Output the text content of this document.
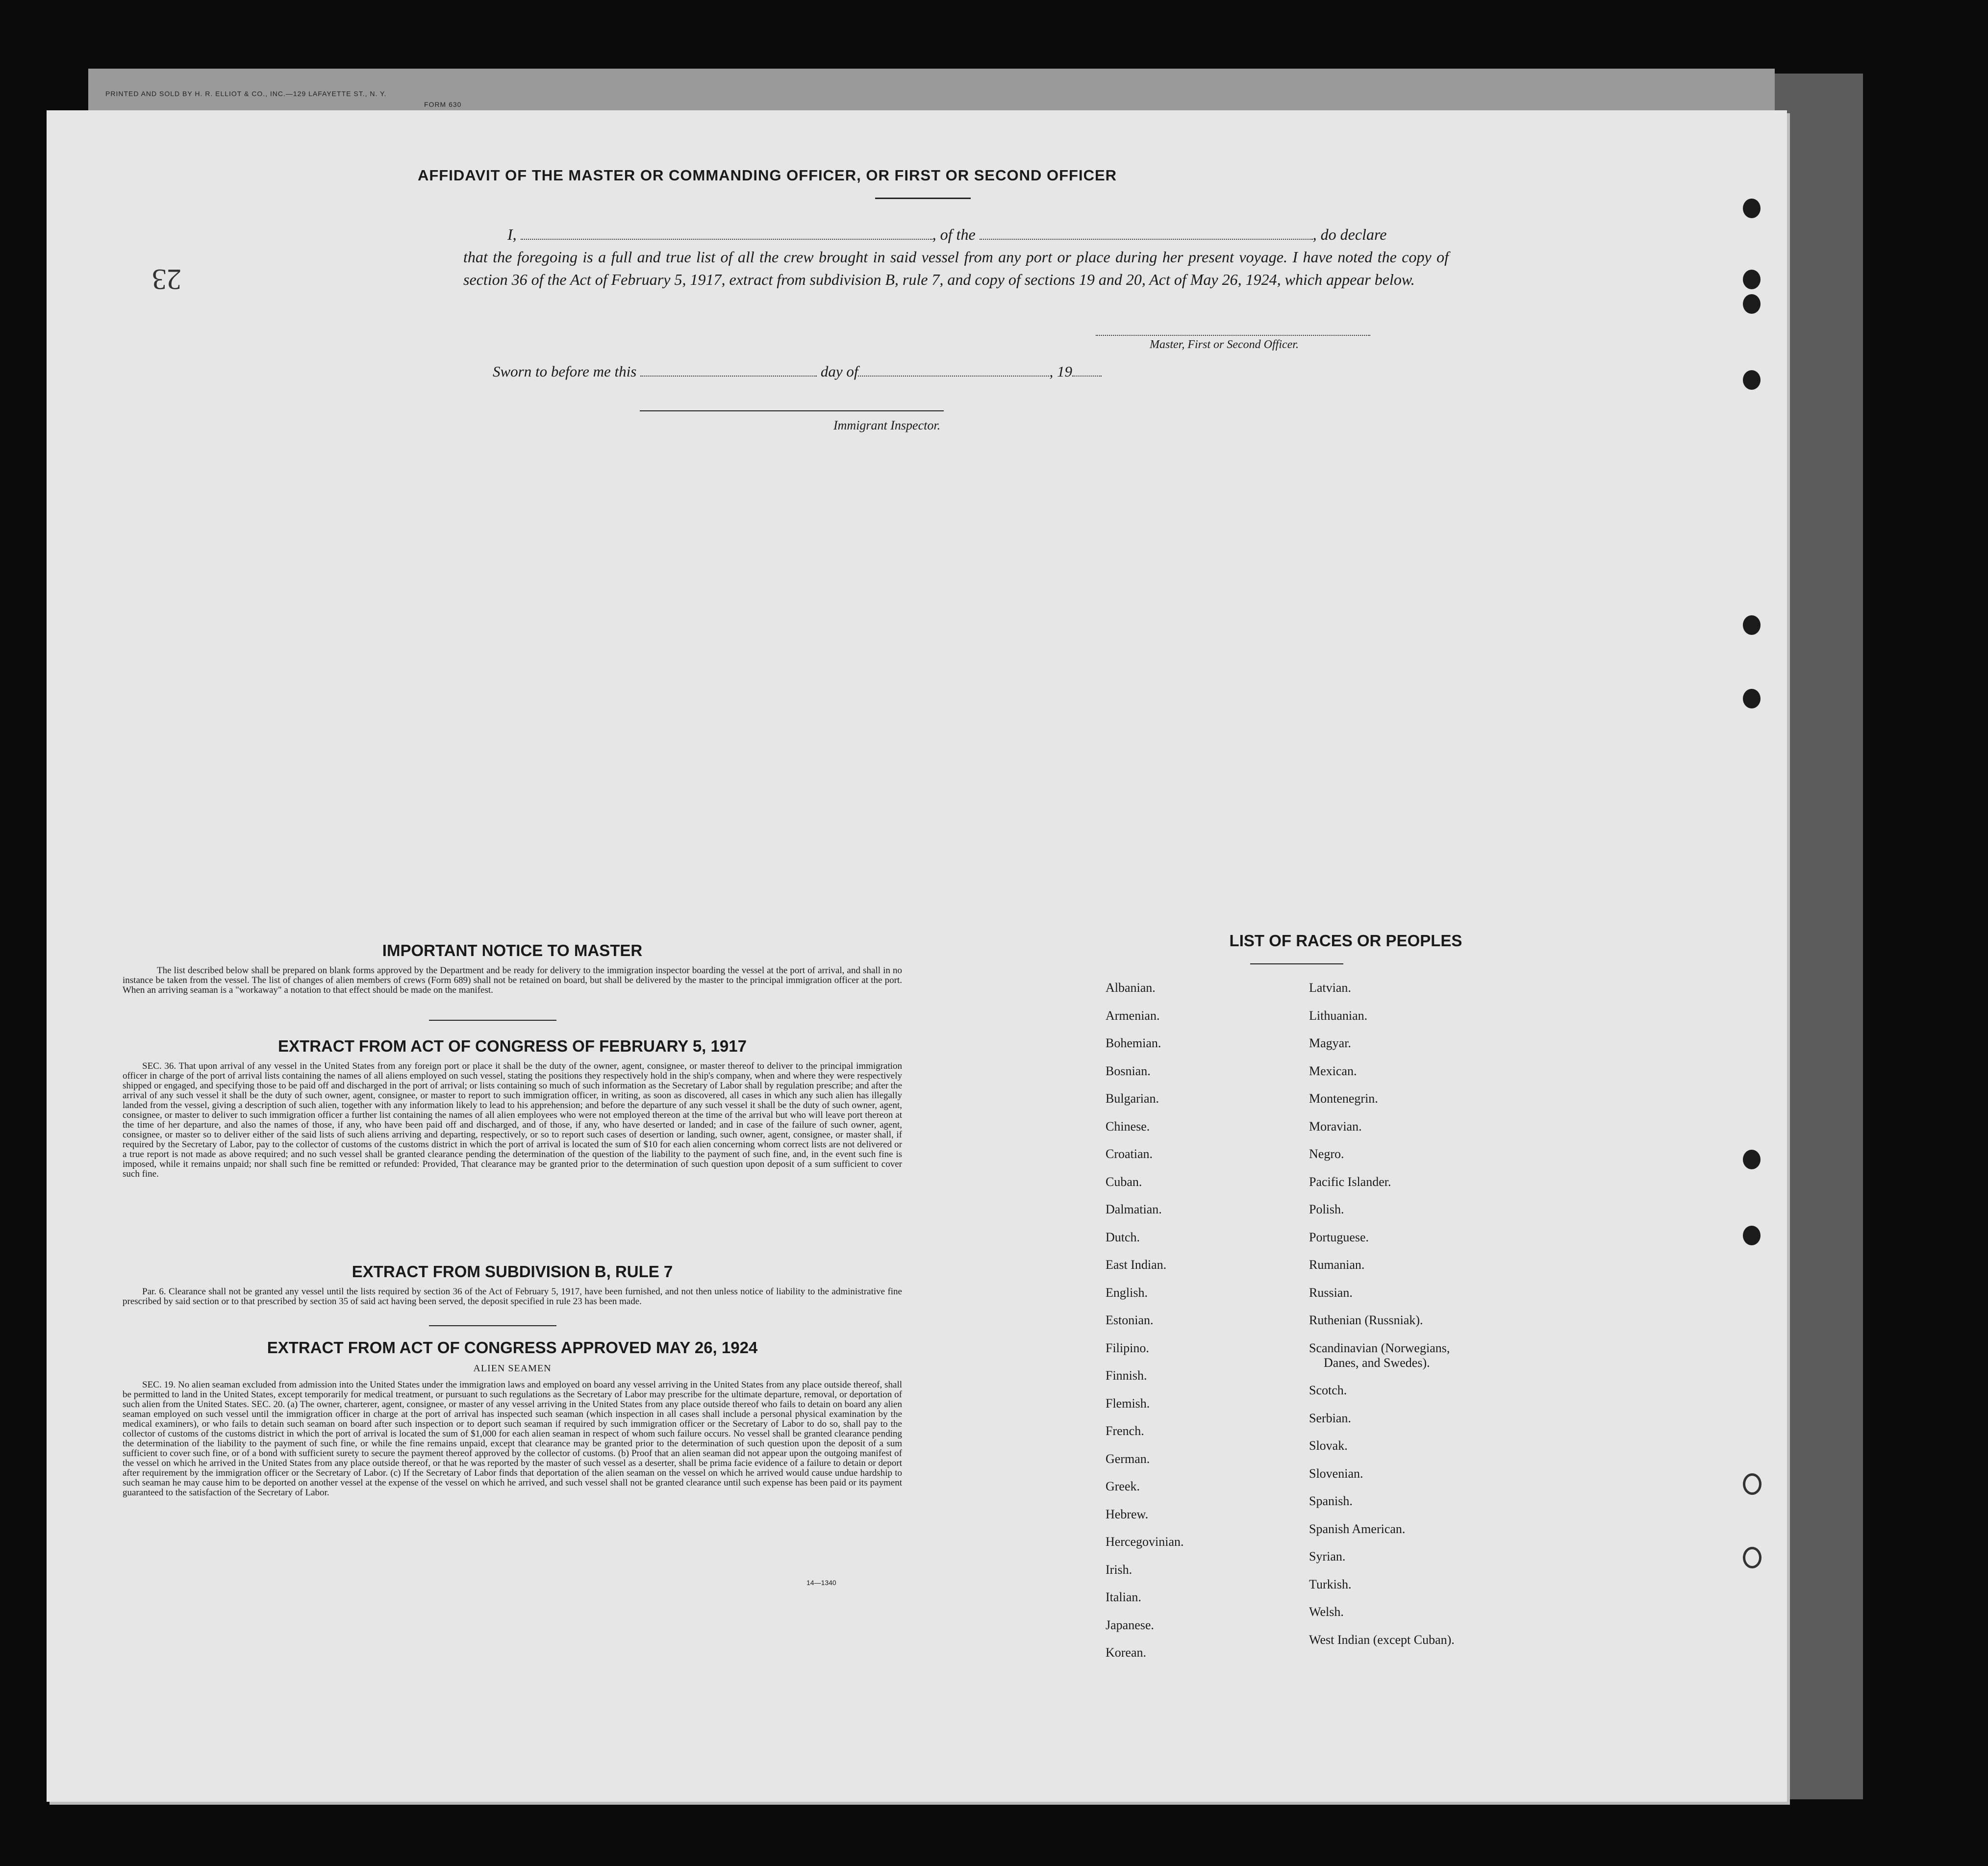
PRINTED AND SOLD BY H. R. ELLIOT & CO., INC.—129 LAFAYETTE ST., N. Y.
FORM 630
23
AFFIDAVIT OF THE MASTER OR COMMANDING OFFICER, OR FIRST OR SECOND OFFICER
I,	, of the	, do declare
that the foregoing is a full and true list of all the crew brought in said vessel from any port or place during her present voyage. I have noted the copy of section 36 of the Act of February 5, 1917, extract from subdivision B, rule 7, and copy of sections 19 and 20, Act of May 26, 1924, which appear below.
Master, First or Second Officer.
Sworn to before me this	day of	, 19
Immigrant Inspector.
IMPORTANT NOTICE TO MASTER
The list described below shall be prepared on blank forms approved by the Department and be ready for delivery to the immigration inspector boarding the vessel at the port of arrival, and shall in no instance be taken from the vessel. The list of changes of alien members of crews (Form 689) shall not be retained on board, but shall be delivered by the master to the principal immigration officer at the port. When an arriving seaman is a "workaway" a notation to that effect should be made on the manifest.
EXTRACT FROM ACT OF CONGRESS OF FEBRUARY 5, 1917
SEC. 36. That upon arrival of any vessel in the United States from any foreign port or place it shall be the duty of the owner, agent, consignee, or master thereof to deliver to the principal immigration officer in charge of the port of arrival lists containing the names of all aliens employed on such vessel, stating the positions they respectively hold in the ship's company, when and where they were respectively shipped or engaged, and specifying those to be paid off and discharged in the port of arrival; or lists containing so much of such information as the Secretary of Labor shall by regulation prescribe; and after the arrival of any such vessel it shall be the duty of such owner, agent, consignee, or master to report to such immigration officer, in writing, as soon as discovered, all cases in which any such alien has illegally landed from the vessel, giving a description of such alien, together with any information likely to lead to his apprehension; and before the departure of any such vessel it shall be the duty of such owner, agent, consignee, or master to deliver to such immigration officer a further list containing the names of all alien employees who were not employed thereon at the time of the arrival but who will leave port thereon at the time of her departure, and also the names of those, if any, who have been paid off and discharged, and of those, if any, who have deserted or landed; and in case of the failure of such owner, agent, consignee, or master so to deliver either of the said lists of such aliens arriving and departing, respectively, or so to report such cases of desertion or landing, such owner, agent, consignee, or master shall, if required by the Secretary of Labor, pay to the collector of customs of the customs district in which the port of arrival is located the sum of $10 for each alien concerning whom correct lists are not delivered or a true report is not made as above required; and no such vessel shall be granted clearance pending the determination of the question of the liability to the payment of such fine, and, in the event such fine is imposed, while it remains unpaid; nor shall such fine be remitted or refunded: Provided, That clearance may be granted prior to the determination of such question upon deposit of a sum sufficient to cover such fine.
EXTRACT FROM SUBDIVISION B, RULE 7
Par. 6. Clearance shall not be granted any vessel until the lists required by section 36 of the Act of February 5, 1917, have been furnished, and not then unless notice of liability to the administrative fine prescribed by said section or to that prescribed by section 35 of said act having been served, the deposit specified in rule 23 has been made.
EXTRACT FROM ACT OF CONGRESS APPROVED MAY 26, 1924
ALIEN SEAMEN
SEC. 19. No alien seaman excluded from admission into the United States under the immigration laws and employed on board any vessel arriving in the United States from any place outside thereof, shall be permitted to land in the United States, except temporarily for medical treatment, or pursuant to such regulations as the Secretary of Labor may prescribe for the ultimate departure, removal, or deportation of such alien from the United States. SEC. 20. (a) The owner, charterer, agent, consignee, or master of any vessel arriving in the United States from any place outside thereof who fails to detain on board any alien seaman employed on such vessel until the immigration officer in charge at the port of arrival has inspected such seaman (which inspection in all cases shall include a personal physical examination by the medical examiners), or who fails to detain such seaman on board after such inspection or to deport such seaman if required by such immigration officer or the Secretary of Labor to do so, shall pay to the collector of customs of the customs district in which the port of arrival is located the sum of $1,000 for each alien seaman in respect of whom such failure occurs. No vessel shall be granted clearance pending the determination of the liability to the payment of such fine, or while the fine remains unpaid, except that clearance may be granted prior to the determination of such question upon the deposit of a sum sufficient to cover such fine, or of a bond with sufficient surety to secure the payment thereof approved by the collector of customs. (b) Proof that an alien seaman did not appear upon the outgoing manifest of the vessel on which he arrived in the United States from any place outside thereof, or that he was reported by the master of such vessel as a deserter, shall be prima facie evidence of a failure to detain or deport after requirement by the immigration officer or the Secretary of Labor. (c) If the Secretary of Labor finds that deportation of the alien seaman on the vessel on which he arrived would cause undue hardship to such seaman he may cause him to be deported on another vessel at the expense of the vessel on which he arrived, and such vessel shall not be granted clearance until such expense has been paid or its payment guaranteed to the satisfaction of the Secretary of Labor.
14—1340
LIST OF RACES OR PEOPLES
Albanian.
Armenian.
Bohemian.
Bosnian.
Bulgarian.
Chinese.
Croatian.
Cuban.
Dalmatian.
Dutch.
East Indian.
English.
Estonian.
Filipino.
Finnish.
Flemish.
French.
German.
Greek.
Hebrew.
Hercegovinian.
Irish.
Italian.
Japanese.
Korean.
Latvian.
Lithuanian.
Magyar.
Mexican.
Montenegrin.
Moravian.
Negro.
Pacific Islander.
Polish.
Portuguese.
Rumanian.
Russian.
Ruthenian (Russniak).
Scandinavian (Norwegians,
Danes, and Swedes).
Scotch.
Serbian.
Slovak.
Slovenian.
Spanish.
Spanish American.
Syrian.
Turkish.
Welsh.
West Indian (except Cuban).
